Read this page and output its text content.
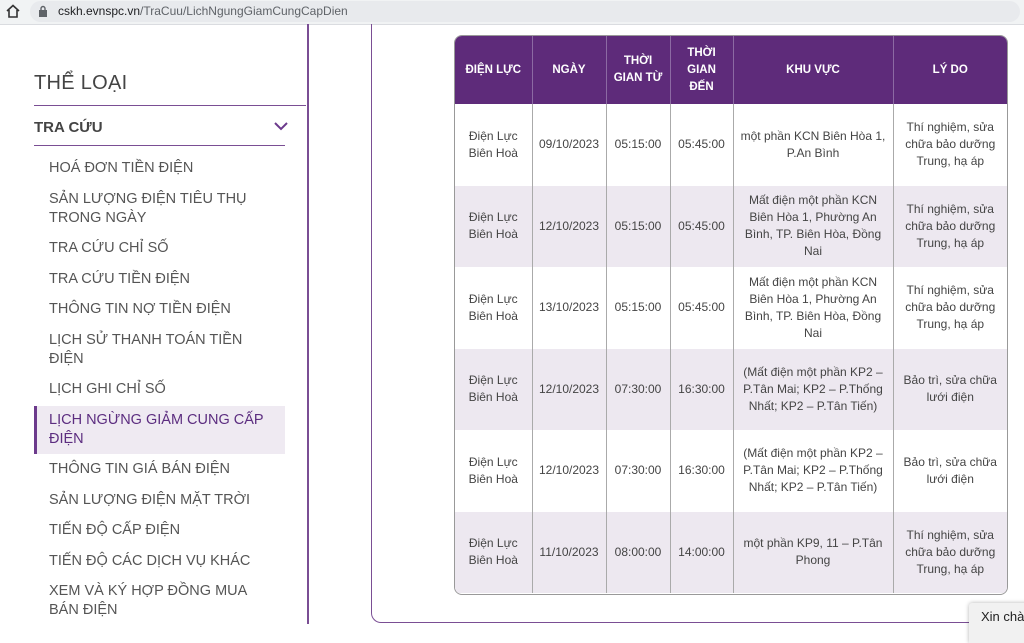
cskh.evnspc.vn/TraCuu/LichNgungGiamCungCapDien
THỂ LOẠI
TRA CỨU
HOÁ ĐƠN TIỀN ĐIỆN
SẢN LƯỢNG ĐIỆN TIÊU THỤ TRONG NGÀY
TRA CỨU CHỈ SỐ
TRA CỨU TIỀN ĐIỆN
THÔNG TIN NỢ TIỀN ĐIỆN
LỊCH SỬ THANH TOÁN TIỀN ĐIỆN
LỊCH GHI CHỈ SỐ
LỊCH NGỪNG GIẢM CUNG CẤP ĐIỆN
THÔNG TIN GIÁ BÁN ĐIỆN
SẢN LƯỢNG ĐIỆN MẶT TRỜI
TIẾN ĐỘ CẤP ĐIỆN
TIẾN ĐỘ CÁC DỊCH VỤ KHÁC
XEM VÀ KÝ HỢP ĐỒNG MUA BÁN ĐIỆN
ĐIỆN LỰC	NGÀY	THỜI GIAN TỪ	THỜI GIAN ĐẾN	KHU VỰC	LÝ DO
Điện Lực Biên Hoà	09/10/2023	05:15:00	05:45:00	một phần KCN Biên Hòa 1, P.An Bình	Thí nghiệm, sửa chữa bảo dưỡng Trung, hạ áp
Điện Lực Biên Hoà	12/10/2023	05:15:00	05:45:00	Mất điện một phần KCN Biên Hòa 1, Phường An Bình, TP. Biên Hòa, Đồng Nai	Thí nghiệm, sửa chữa bảo dưỡng Trung, hạ áp
Điện Lực Biên Hoà	13/10/2023	05:15:00	05:45:00	Mất điện một phần KCN Biên Hòa 1, Phường An Bình, TP. Biên Hòa, Đồng Nai	Thí nghiệm, sửa chữa bảo dưỡng Trung, hạ áp
Điện Lực Biên Hoà	12/10/2023	07:30:00	16:30:00	(Mất điện một phần KP2 – P.Tân Mai; KP2 – P.Thống Nhất; KP2 – P.Tân Tiến)	Bảo trì, sửa chữa lưới điện
Điện Lực Biên Hoà	12/10/2023	07:30:00	16:30:00	(Mất điện một phần KP2 – P.Tân Mai; KP2 – P.Thống Nhất; KP2 – P.Tân Tiến)	Bảo trì, sửa chữa lưới điện
Điện Lực Biên Hoà	11/10/2023	08:00:00	14:00:00	một phần KP9, 11 – P.Tân Phong	Thí nghiệm, sửa chữa bảo dưỡng Trung, hạ áp
Xin chà
